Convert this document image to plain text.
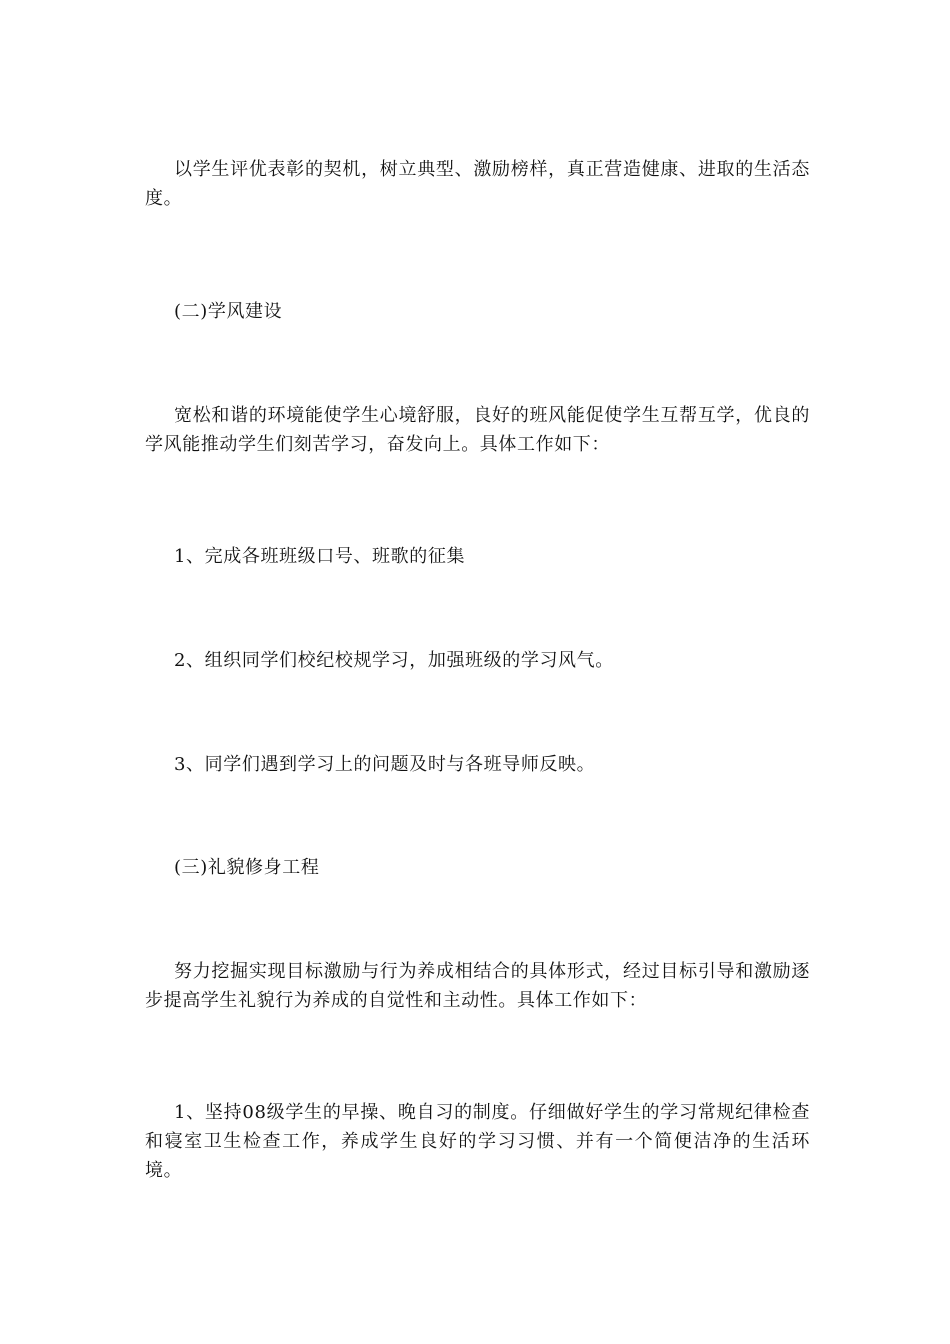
以学生评优表彰的契机，树立典型、激励榜样，真正营造健康、进取的生活态度。

(二)学风建设

宽松和谐的环境能使学生心境舒服，良好的班风能促使学生互帮互学，优良的学风能推动学生们刻苦学习，奋发向上。具体工作如下：

1、完成各班班级口号、班歌的征集

2、组织同学们校纪校规学习，加强班级的学习风气。

3、同学们遇到学习上的问题及时与各班导师反映。

(三)礼貌修身工程

努力挖掘实现目标激励与行为养成相结合的具体形式，经过目标引导和激励逐步提高学生礼貌行为养成的自觉性和主动性。具体工作如下：

1、坚持08级学生的早操、晚自习的制度。仔细做好学生的学习常规纪律检查和寝室卫生检查工作，养成学生良好的学习习惯、并有一个简便洁净的生活环境。
